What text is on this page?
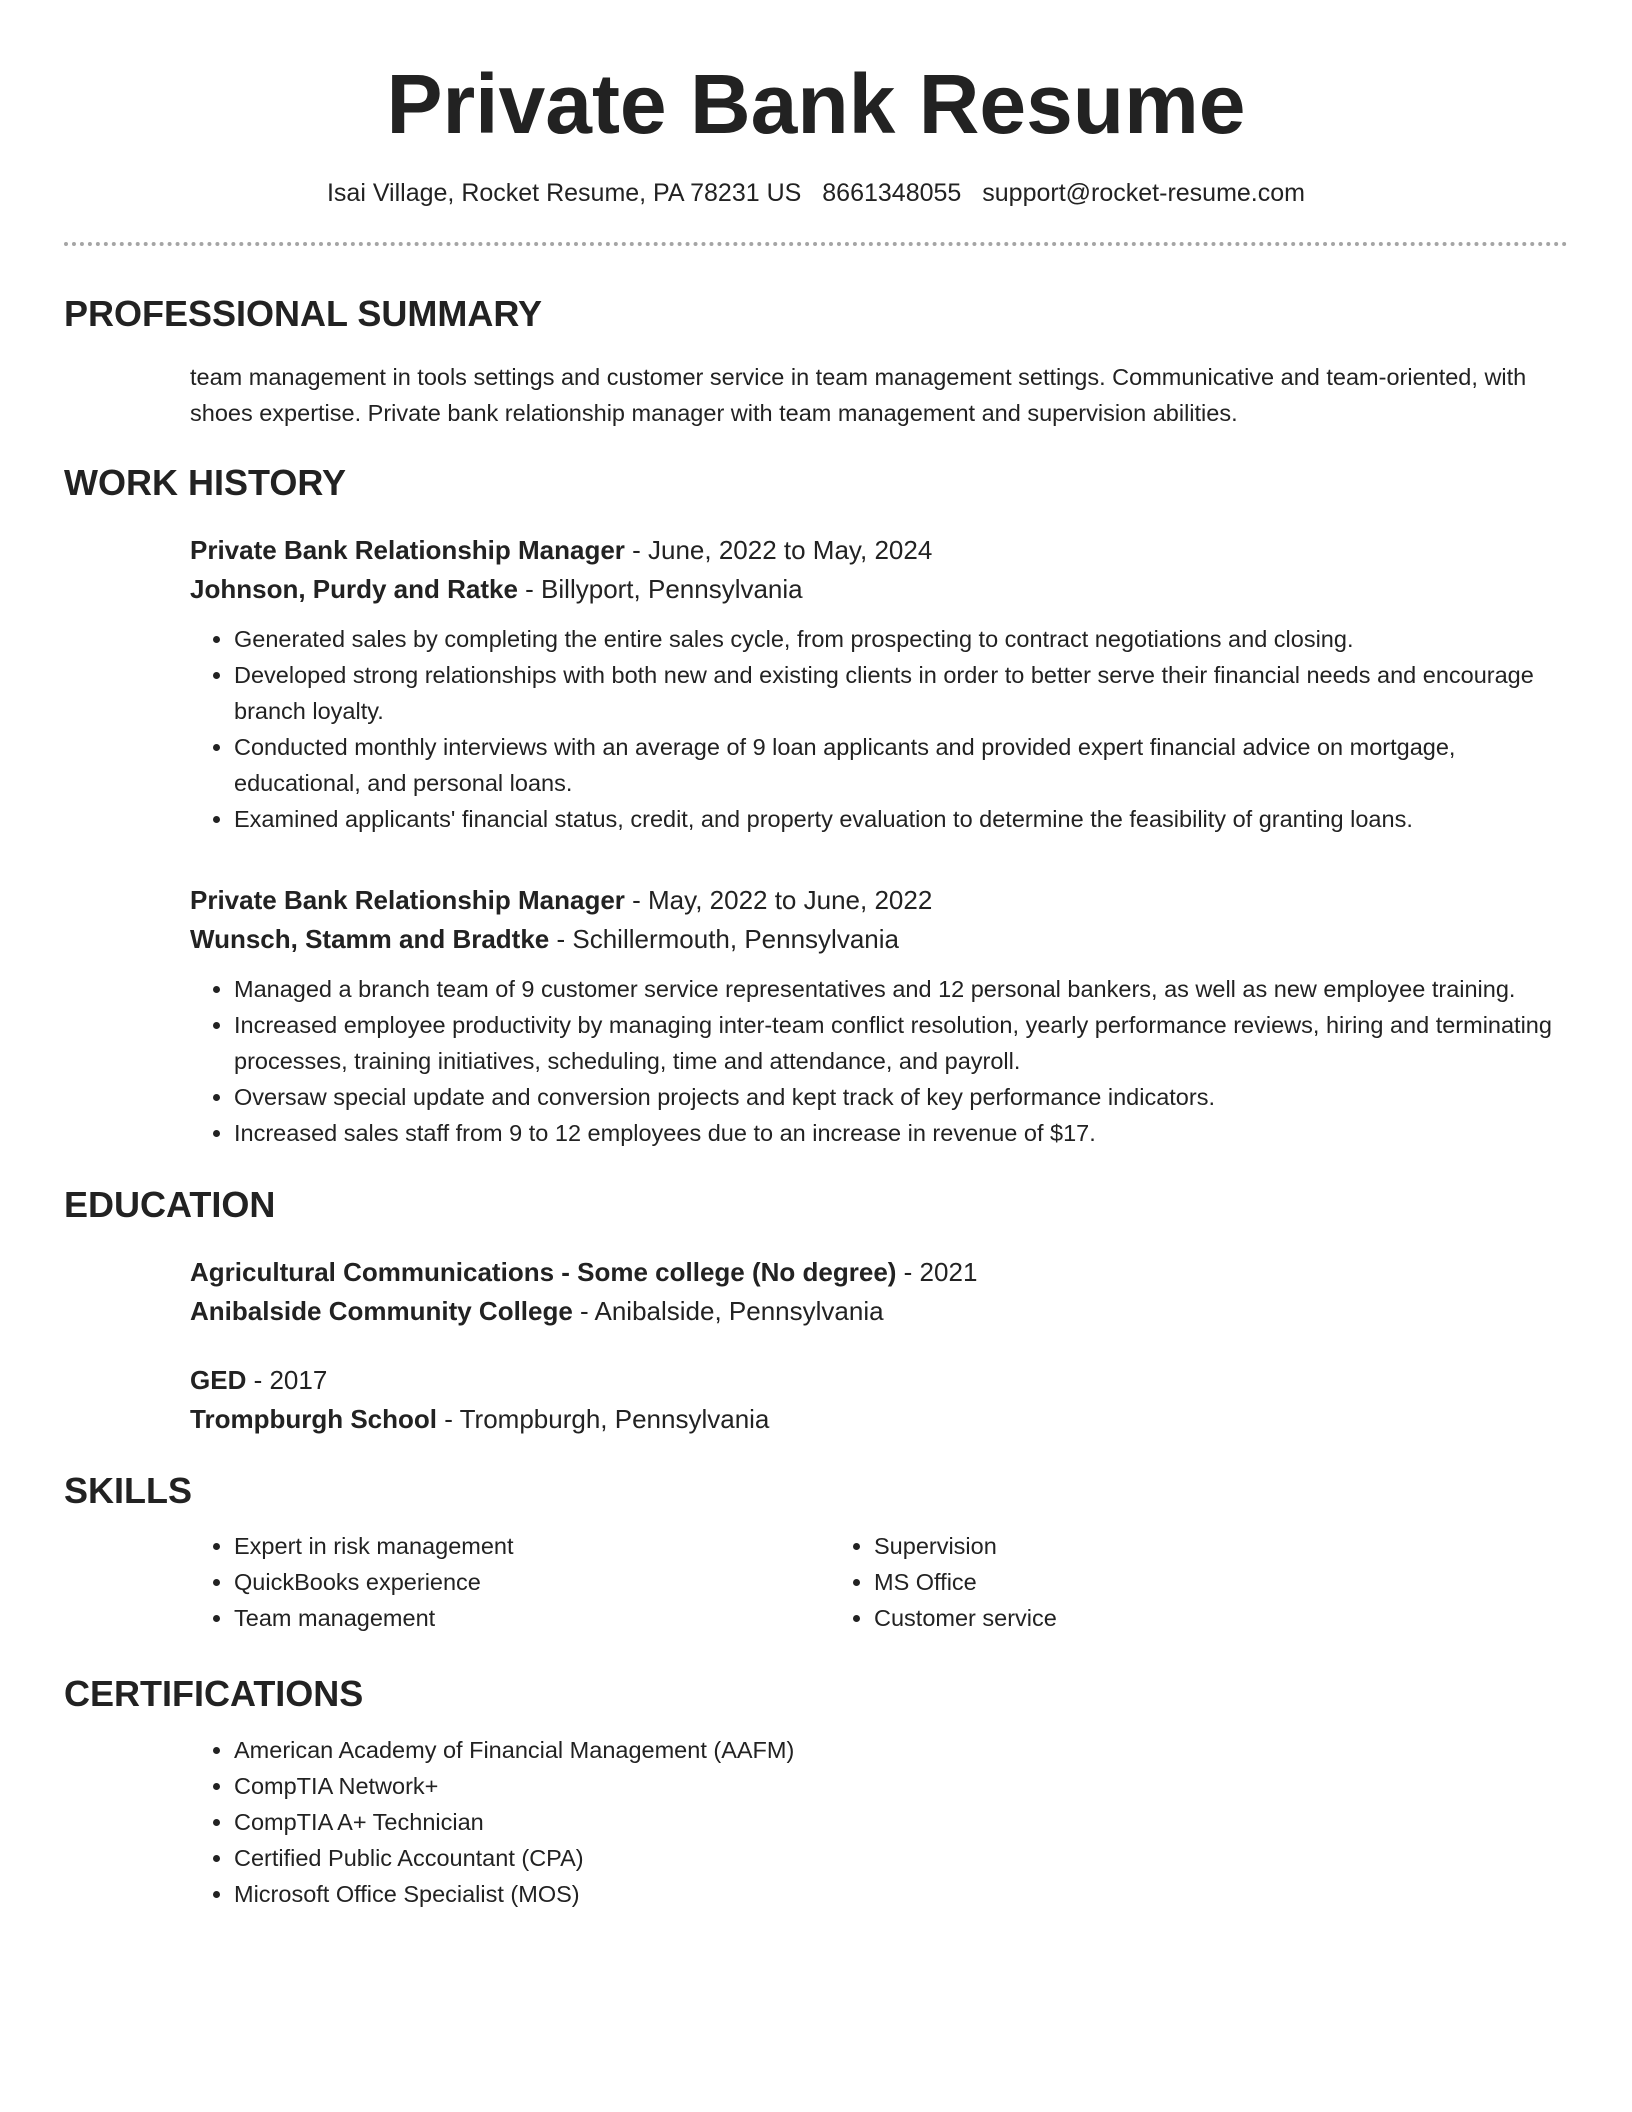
Private Bank Resume
Isai Village, Rocket Resume, PA 78231 US 8661348055 support@rocket-resume.com
PROFESSIONAL SUMMARY
team management in tools settings and customer service in team management settings. Communicative and team-oriented, with shoes expertise. Private bank relationship manager with team management and supervision abilities.
WORK HISTORY
Private Bank Relationship Manager - June, 2022 to May, 2024
Johnson, Purdy and Ratke - Billyport, Pennsylvania
• Generated sales by completing the entire sales cycle, from prospecting to contract negotiations and closing.
• Developed strong relationships with both new and existing clients in order to better serve their financial needs and encourage branch loyalty.
• Conducted monthly interviews with an average of 9 loan applicants and provided expert financial advice on mortgage, educational, and personal loans.
• Examined applicants' financial status, credit, and property evaluation to determine the feasibility of granting loans.
Private Bank Relationship Manager - May, 2022 to June, 2022
Wunsch, Stamm and Bradtke - Schillermouth, Pennsylvania
• Managed a branch team of 9 customer service representatives and 12 personal bankers, as well as new employee training.
• Increased employee productivity by managing inter-team conflict resolution, yearly performance reviews, hiring and terminating processes, training initiatives, scheduling, time and attendance, and payroll.
• Oversaw special update and conversion projects and kept track of key performance indicators.
• Increased sales staff from 9 to 12 employees due to an increase in revenue of $17.
EDUCATION
Agricultural Communications - Some college (No degree) - 2021
Anibalside Community College - Anibalside, Pennsylvania
GED - 2017
Trompburgh School - Trompburgh, Pennsylvania
SKILLS
• Expert in risk management
• QuickBooks experience
• Team management
• Supervision
• MS Office
• Customer service
CERTIFICATIONS
• American Academy of Financial Management (AAFM)
• CompTIA Network+
• CompTIA A+ Technician
• Certified Public Accountant (CPA)
• Microsoft Office Specialist (MOS)
